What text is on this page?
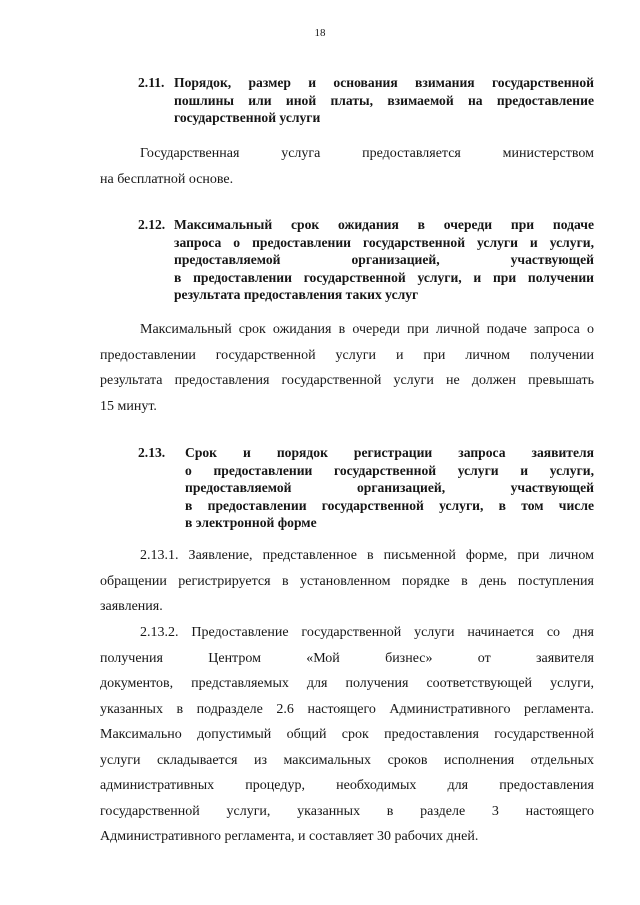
18
2.11. Порядок, размер и основания взимания государственной
пошлины или иной платы, взимаемой на предоставление
государственной услуги
Государственная услуга предоставляется министерством
на бесплатной основе.
2.12. Максимальный срок ожидания в очереди при подаче
запроса о предоставлении государственной услуги и услуги,
предоставляемой организацией, участвующей
в предоставлении государственной услуги, и при получении
результата предоставления таких услуг
Максимальный срок ожидания в очереди при личной подаче запроса о
предоставлении государственной услуги и при личном получении
результата предоставления государственной услуги не должен превышать
15 минут.
2.13. Срок и порядок регистрации запроса заявителя
о предоставлении государственной услуги и услуги,
предоставляемой организацией, участвующей
в предоставлении государственной услуги, в том числе
в электронной форме
2.13.1. Заявление, представленное в письменной форме, при личном
обращении регистрируется в установленном порядке в день поступления
заявления.
2.13.2. Предоставление государственной услуги начинается со дня
получения Центром «Мой бизнес» от заявителя
документов, представляемых для получения соответствующей услуги,
указанных в подразделе 2.6 настоящего Административного регламента.
Максимально допустимый общий срок предоставления государственной
услуги складывается из максимальных сроков исполнения отдельных
административных процедур, необходимых для предоставления
государственной услуги, указанных в разделе 3 настоящего
Административного регламента, и составляет 30 рабочих дней.
